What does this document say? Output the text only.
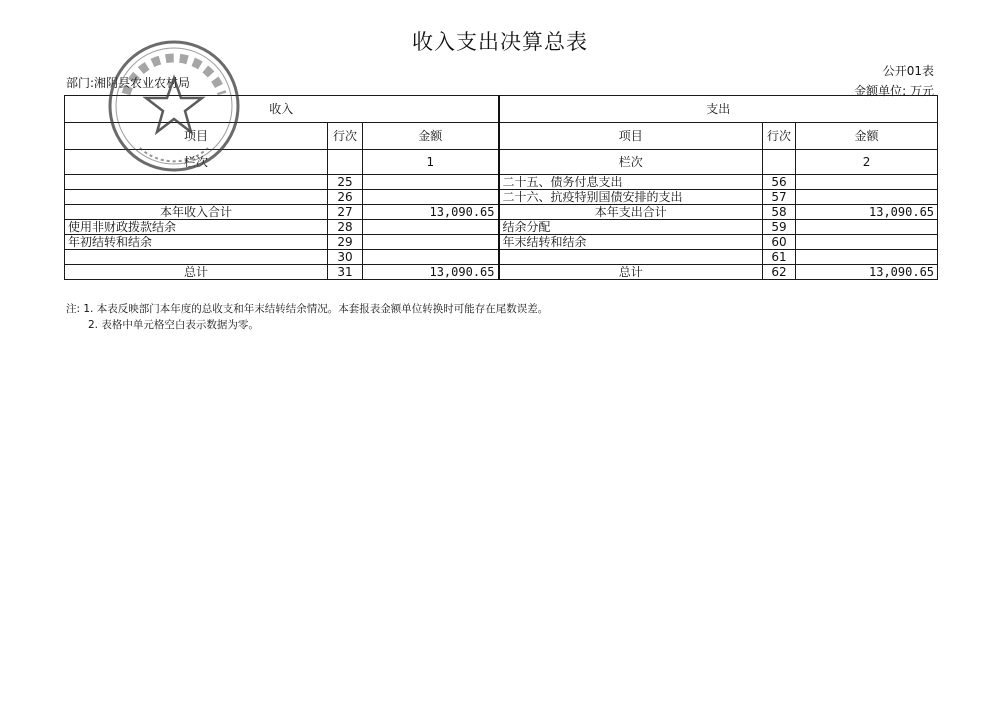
收入支出决算总表
公开01表
金额单位: 万元
部门:湘阴县农业农村局
收入			支出		
项目	行次	金额	项目	行次	金额
栏次		1	栏次		2
	25		二十五、债务付息支出	56	
	26		二十六、抗疫特别国债安排的支出	57	
本年收入合计	27	13,090.65	本年支出合计	58	13,090.65
使用非财政拨款结余	28		结余分配	59	
年初结转和结余	29		年末结转和结余	60	
	30			61	
总计	31	13,090.65	总计	62	13,090.65
注: 1. 本表反映部门本年度的总收支和年末结转结余情况。本套报表金额单位转换时可能存在尾数误差。
2. 表格中单元格空白表示数据为零。
